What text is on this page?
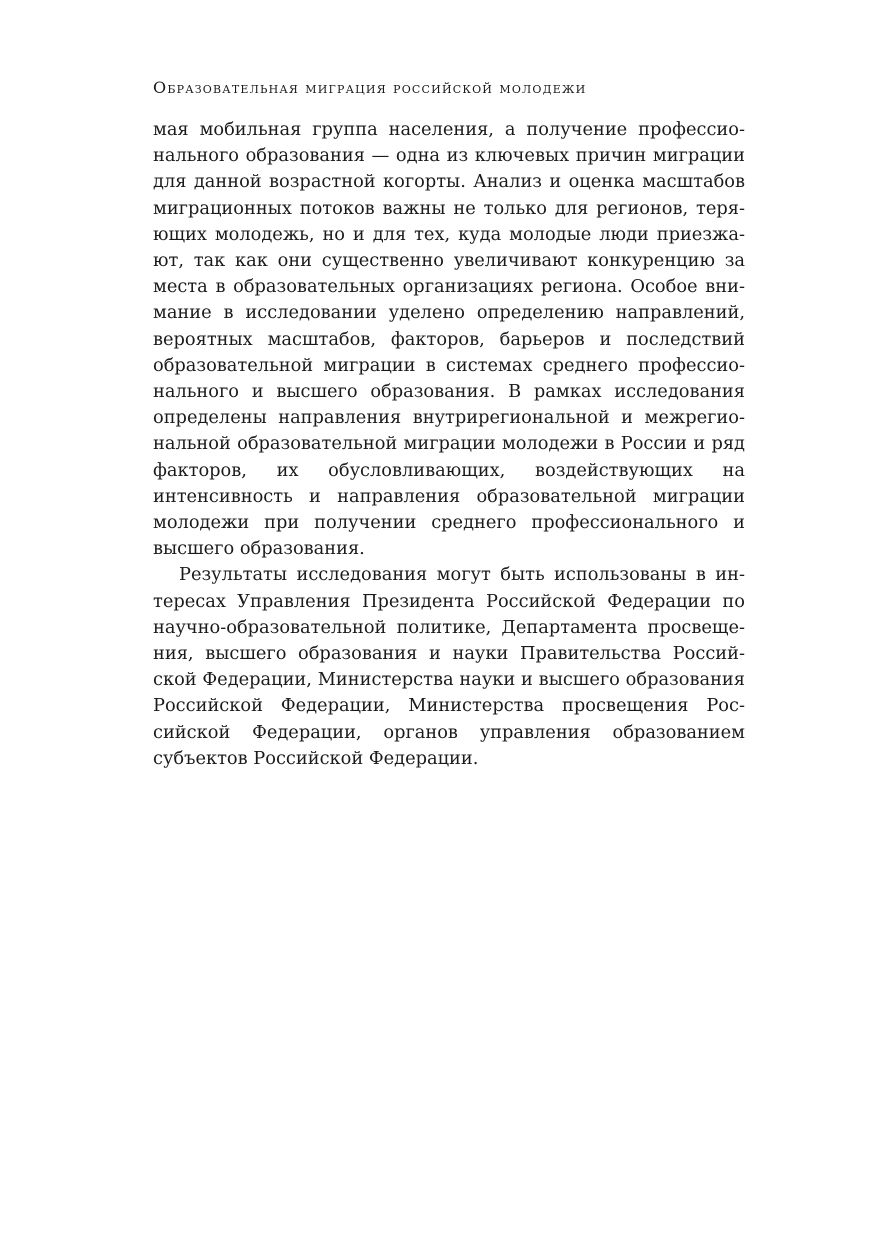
Образовательная миграция российской молодежи

мая мобильная группа населения, а получение профессионального образования — одна из ключевых причин миграции для данной возрастной когорты. Анализ и оценка масштабов миграционных потоков важны не только для регионов, теряющих молодежь, но и для тех, куда молодые люди приезжают, так как они существенно увеличивают конкуренцию за места в образовательных организациях региона. Особое внимание в исследовании уделено определению направлений, вероятных масштабов, факторов, барьеров и последствий образовательной миграции в системах среднего профессионального и высшего образования. В рамках исследования определены направления внутрирегиональной и межрегиональной образовательной миграции молодежи в России и ряд факторов, их обусловливающих, воздействующих на интенсивность и направления образовательной миграции молодежи при получении среднего профессионального и высшего образования.

Результаты исследования могут быть использованы в интересах Управления Президента Российской Федерации по научно-образовательной политике, Департамента просвещения, высшего образования и науки Правительства Российской Федерации, Министерства науки и высшего образования Российской Федерации, Министерства просвещения Российской Федерации, органов управления образованием субъектов Российской Федерации.
